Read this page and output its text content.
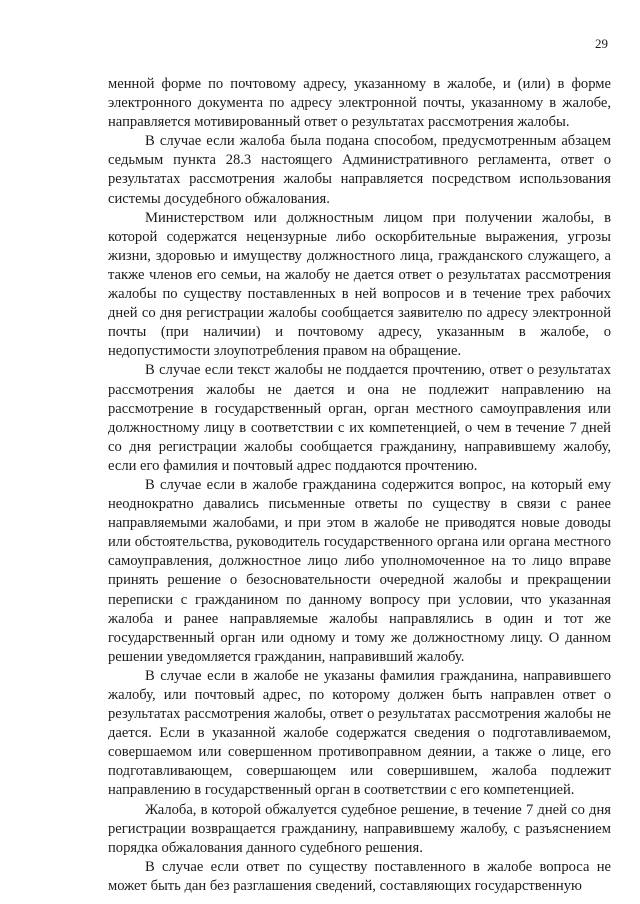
29

менной форме по почтовому адресу, указанному в жалобе, и (или) в форме электронного документа по адресу электронной почты, указанному в жалобе, направляется мотивированный ответ о результатах рассмотрения жалобы.

В случае если жалоба была подана способом, предусмотренным абзацем седьмым пункта 28.3 настоящего Административного регламента, ответ о результатах рассмотрения жалобы направляется посредством использования системы досудебного обжалования.

Министерством или должностным лицом при получении жалобы, в которой содержатся нецензурные либо оскорбительные выражения, угрозы жизни, здоровью и имуществу должностного лица, гражданского служащего, а также членов его семьи, на жалобу не дается ответ о результатах рассмотрения жалобы по существу поставленных в ней вопросов и в течение трех рабочих дней со дня регистрации жалобы сообщается заявителю по адресу электронной почты (при наличии) и почтовому адресу, указанным в жалобе, о недопустимости злоупотребления правом на обращение.

В случае если текст жалобы не поддается прочтению, ответ о результатах рассмотрения жалобы не дается и она не подлежит направлению на рассмотрение в государственный орган, орган местного самоуправления или должностному лицу в соответствии с их компетенцией, о чем в течение 7 дней со дня регистрации жалобы сообщается гражданину, направившему жалобу, если его фамилия и почтовый адрес поддаются прочтению.

В случае если в жалобе гражданина содержится вопрос, на который ему неоднократно давались письменные ответы по существу в связи с ранее направляемыми жалобами, и при этом в жалобе не приводятся новые доводы или обстоятельства, руководитель государственного органа или органа местного самоуправления, должностное лицо либо уполномоченное на то лицо вправе принять решение о безосновательности очередной жалобы и прекращении переписки с гражданином по данному вопросу при условии, что указанная жалоба и ранее направляемые жалобы направлялись в один и тот же государственный орган или одному и тому же должностному лицу. О данном решении уведомляется гражданин, направивший жалобу.

В случае если в жалобе не указаны фамилия гражданина, направившего жалобу, или почтовый адрес, по которому должен быть направлен ответ о результатах рассмотрения жалобы, ответ о результатах рассмотрения жалобы не дается. Если в указанной жалобе содержатся сведения о подготавливаемом, совершаемом или совершенном противоправном деянии, а также о лице, его подготавливающем, совершающем или совершившем, жалоба подлежит направлению в государственный орган в соответствии с его компетенцией.

Жалоба, в которой обжалуется судебное решение, в течение 7 дней со дня регистрации возвращается гражданину, направившему жалобу, с разъяснением порядка обжалования данного судебного решения.

В случае если ответ по существу поставленного в жалобе вопроса не может быть дан без разглашения сведений, составляющих государственную
